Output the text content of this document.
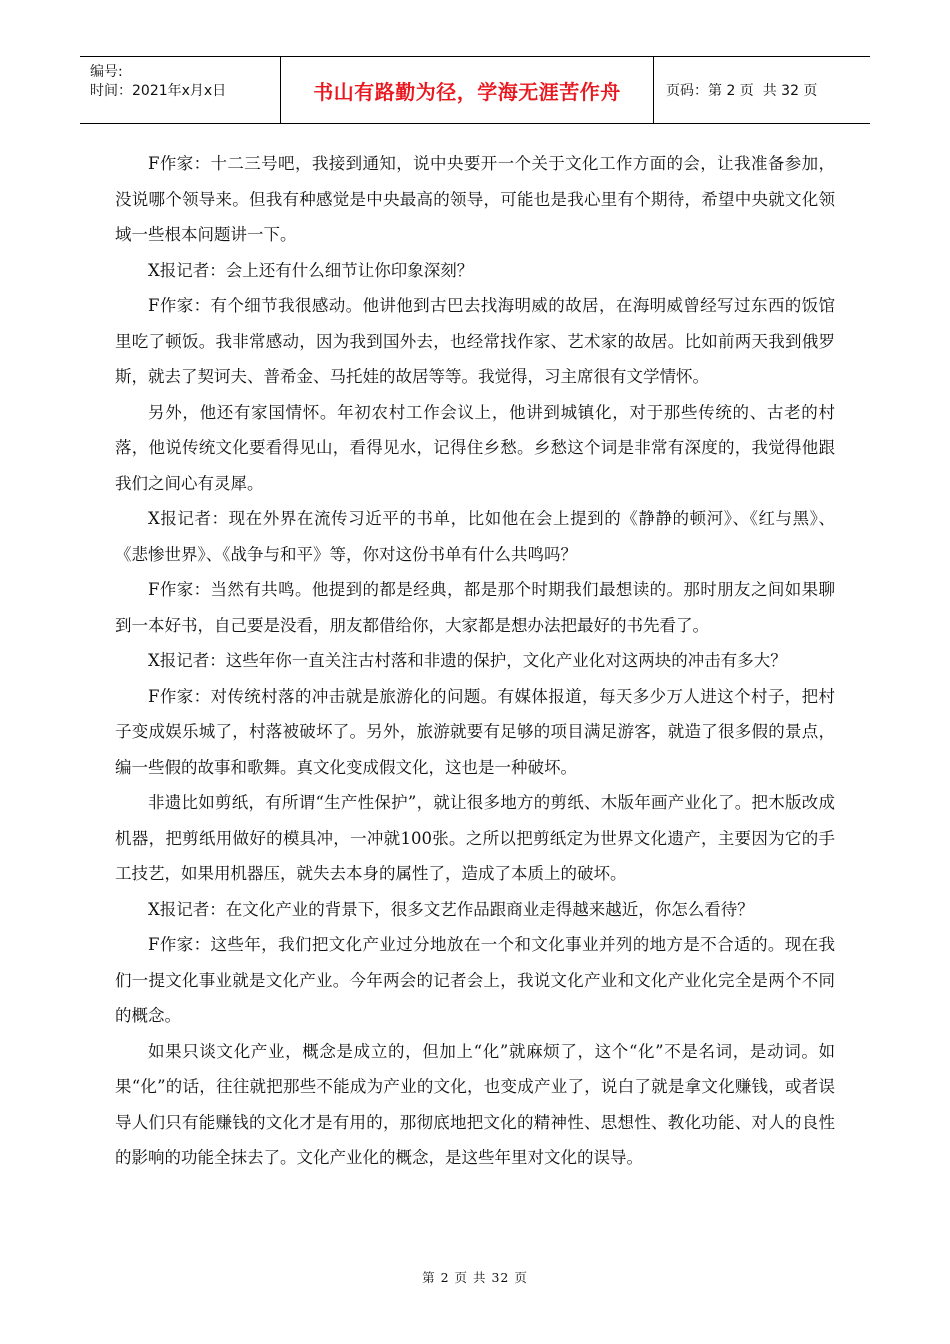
编号:
时间：2021年x月x日	书山有路勤为径，学海无涯苦作舟	页码：第 2 页  共 32 页

F作家：十二三号吧，我接到通知，说中央要开一个关于文化工作方面的会，让我准备参加，没说哪个领导来。但我有种感觉是中央最高的领导，可能也是我心里有个期待，希望中央就文化领域一些根本问题讲一下。

X报记者：会上还有什么细节让你印象深刻？

F作家：有个细节我很感动。他讲他到古巴去找海明威的故居，在海明威曾经写过东西的饭馆里吃了顿饭。我非常感动，因为我到国外去，也经常找作家、艺术家的故居。比如前两天我到俄罗斯，就去了契诃夫、普希金、马托娃的故居等等。我觉得，习主席很有文学情怀。

另外，他还有家国情怀。年初农村工作会议上，他讲到城镇化，对于那些传统的、古老的村落，他说传统文化要看得见山，看得见水，记得住乡愁。乡愁这个词是非常有深度的，我觉得他跟我们之间心有灵犀。

X报记者：现在外界在流传习近平的书单，比如他在会上提到的《静静的顿河》、《红与黑》、《悲惨世界》、《战争与和平》等，你对这份书单有什么共鸣吗？

F作家：当然有共鸣。他提到的都是经典，都是那个时期我们最想读的。那时朋友之间如果聊到一本好书，自己要是没看，朋友都借给你，大家都是想办法把最好的书先看了。

X报记者：这些年你一直关注古村落和非遗的保护，文化产业化对这两块的冲击有多大？

F作家：对传统村落的冲击就是旅游化的问题。有媒体报道，每天多少万人进这个村子，把村子变成娱乐城了，村落被破坏了。另外，旅游就要有足够的项目满足游客，就造了很多假的景点，编一些假的故事和歌舞。真文化变成假文化，这也是一种破坏。

非遗比如剪纸，有所谓“生产性保护”，就让很多地方的剪纸、木版年画产业化了。把木版改成机器，把剪纸用做好的模具冲，一冲就100张。之所以把剪纸定为世界文化遗产，主要因为它的手工技艺，如果用机器压，就失去本身的属性了，造成了本质上的破坏。

X报记者：在文化产业的背景下，很多文艺作品跟商业走得越来越近，你怎么看待？

F作家：这些年，我们把文化产业过分地放在一个和文化事业并列的地方是不合适的。现在我们一提文化事业就是文化产业。今年两会的记者会上，我说文化产业和文化产业化完全是两个不同的概念。

如果只谈文化产业，概念是成立的，但加上“化”就麻烦了，这个“化”不是名词，是动词。如果“化”的话，往往就把那些不能成为产业的文化，也变成产业了，说白了就是拿文化赚钱，或者误导人们只有能赚钱的文化才是有用的，那彻底地把文化的精神性、思想性、教化功能、对人的良性的影响的功能全抹去了。文化产业化的概念，是这些年里对文化的误导。

第 2 页 共 32 页
